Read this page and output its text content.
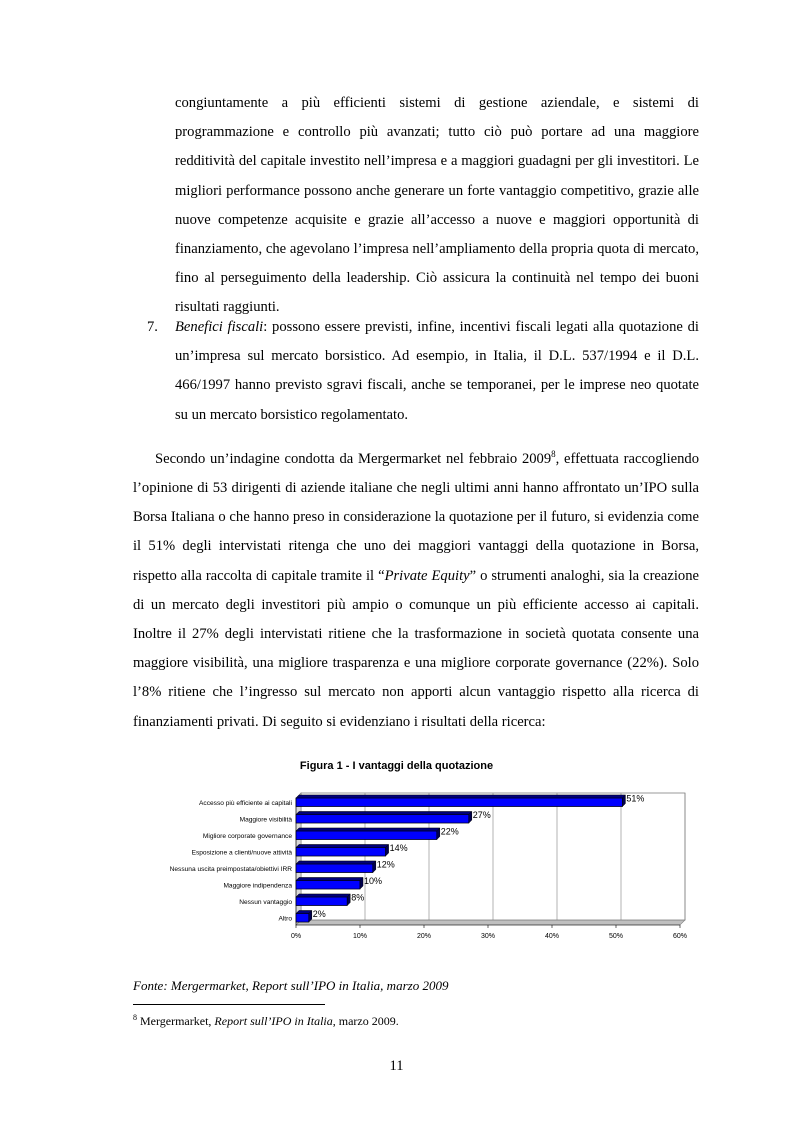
congiuntamente a più efficienti sistemi di gestione aziendale, e sistemi di programmazione e controllo più avanzati; tutto ciò può portare ad una maggiore redditività del capitale investito nell’impresa e a maggiori guadagni per gli investitori. Le migliori performance possono anche generare un forte vantaggio competitivo, grazie alle nuove competenze acquisite e grazie all’accesso a nuove e maggiori opportunità di finanziamento, che agevolano l’impresa nell’ampliamento della propria quota di mercato, fino al perseguimento della leadership. Ciò assicura la continuità nel tempo dei buoni risultati raggiunti.

7. Benefici fiscali: possono essere previsti, infine, incentivi fiscali legati alla quotazione di un’impresa sul mercato borsistico. Ad esempio, in Italia, il D.L. 537/1994 e il D.L. 466/1997 hanno previsto sgravi fiscali, anche se temporanei, per le imprese neo quotate su un mercato borsistico regolamentato.

Secondo un’indagine condotta da Mergermarket nel febbraio 2009$^8$, effettuata raccogliendo l’opinione di 53 dirigenti di aziende italiane che negli ultimi anni hanno affrontato un’IPO sulla Borsa Italiana o che hanno preso in considerazione la quotazione per il futuro, si evidenzia come il 51% degli intervistati ritenga che uno dei maggiori vantaggi della quotazione in Borsa, rispetto alla raccolta di capitale tramite il “Private Equity” o strumenti analoghi, sia la creazione di un mercato degli investitori più ampio o comunque un più efficiente accesso ai capitali. Inoltre il 27% degli intervistati ritiene che la trasformazione in società quotata consente una maggiore visibilità, una migliore trasparenza e una migliore corporate governance (22%). Solo l’8% ritiene che l’ingresso sul mercato non apporti alcun vantaggio rispetto alla ricerca di finanziamenti privati. Di seguito si evidenziano i risultati della ricerca:

Figura 1 - I vantaggi della quotazione
0%	10%	20%	30%	40%	50%	60%
Accesso più efficiente ai capitali	51%
Maggiore visibilità	27%
Migliore corporate governance	22%
Esposizione a clienti/nuove attività	14%
Nessuna uscita preimpostata/obiettivi IRR	12%
Maggiore indipendenza	10%
Nessun vantaggio	8%
Altro 2%
Fonte: Mergermarket, Report sull’IPO in Italia, marzo 2009
$^8$ Mergermarket, Report sull’IPO in Italia, marzo 2009.
11
